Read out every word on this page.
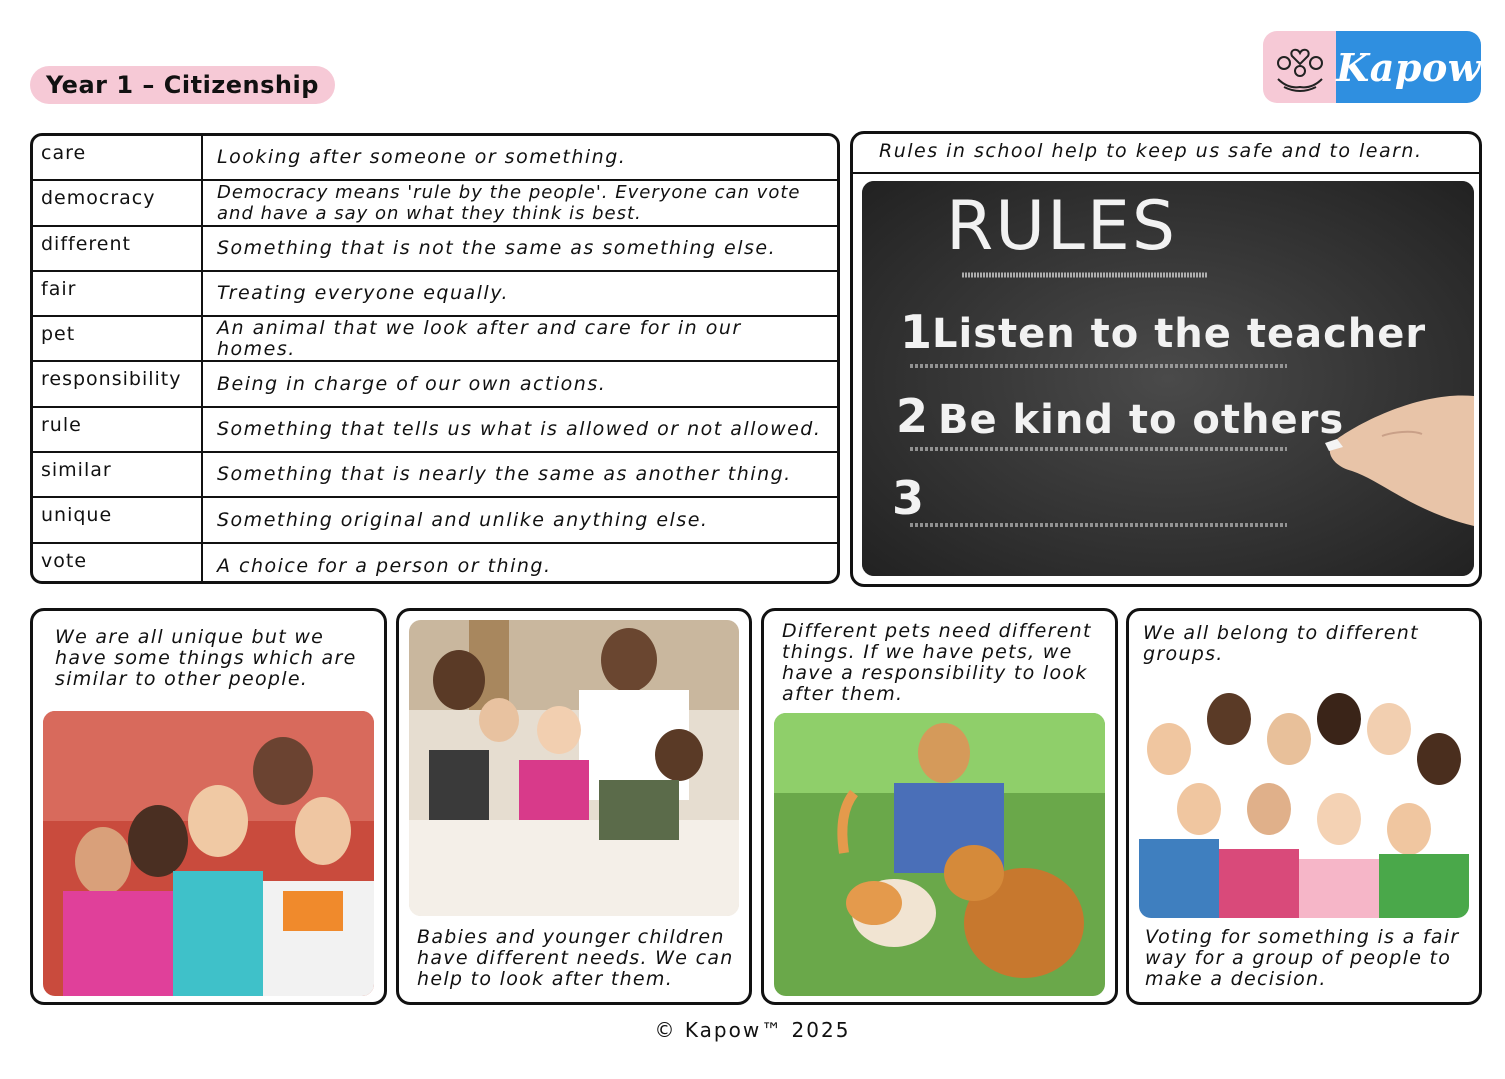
Year 1 – Citizenship	Kapow
care	Looking after someone or something.
democracy	Democracy means 'rule by the people'. Everyone can vote and have a say on what they think is best.
different	Something that is not the same as something else.
fair	Treating everyone equally.
pet	An animal that we look after and care for in our homes.
responsibility	Being in charge of our own actions.
rule	Something that tells us what is allowed or not allowed.
similar	Something that is nearly the same as another thing.
unique	Something original and unlike anything else.
vote	A choice for a person or thing.
Rules in school help to keep us safe and to learn.
RULES
1 Listen to the teacher
2 Be kind to others
3
We are all unique but we have some things which are similar to other people.
Babies and younger children have different needs. We can help to look after them.
Different pets need different things. If we have pets, we have a responsibility to look after them.
We all belong to different groups.
Voting for something is a fair way for a group of people to make a decision.
© Kapow™ 2025
